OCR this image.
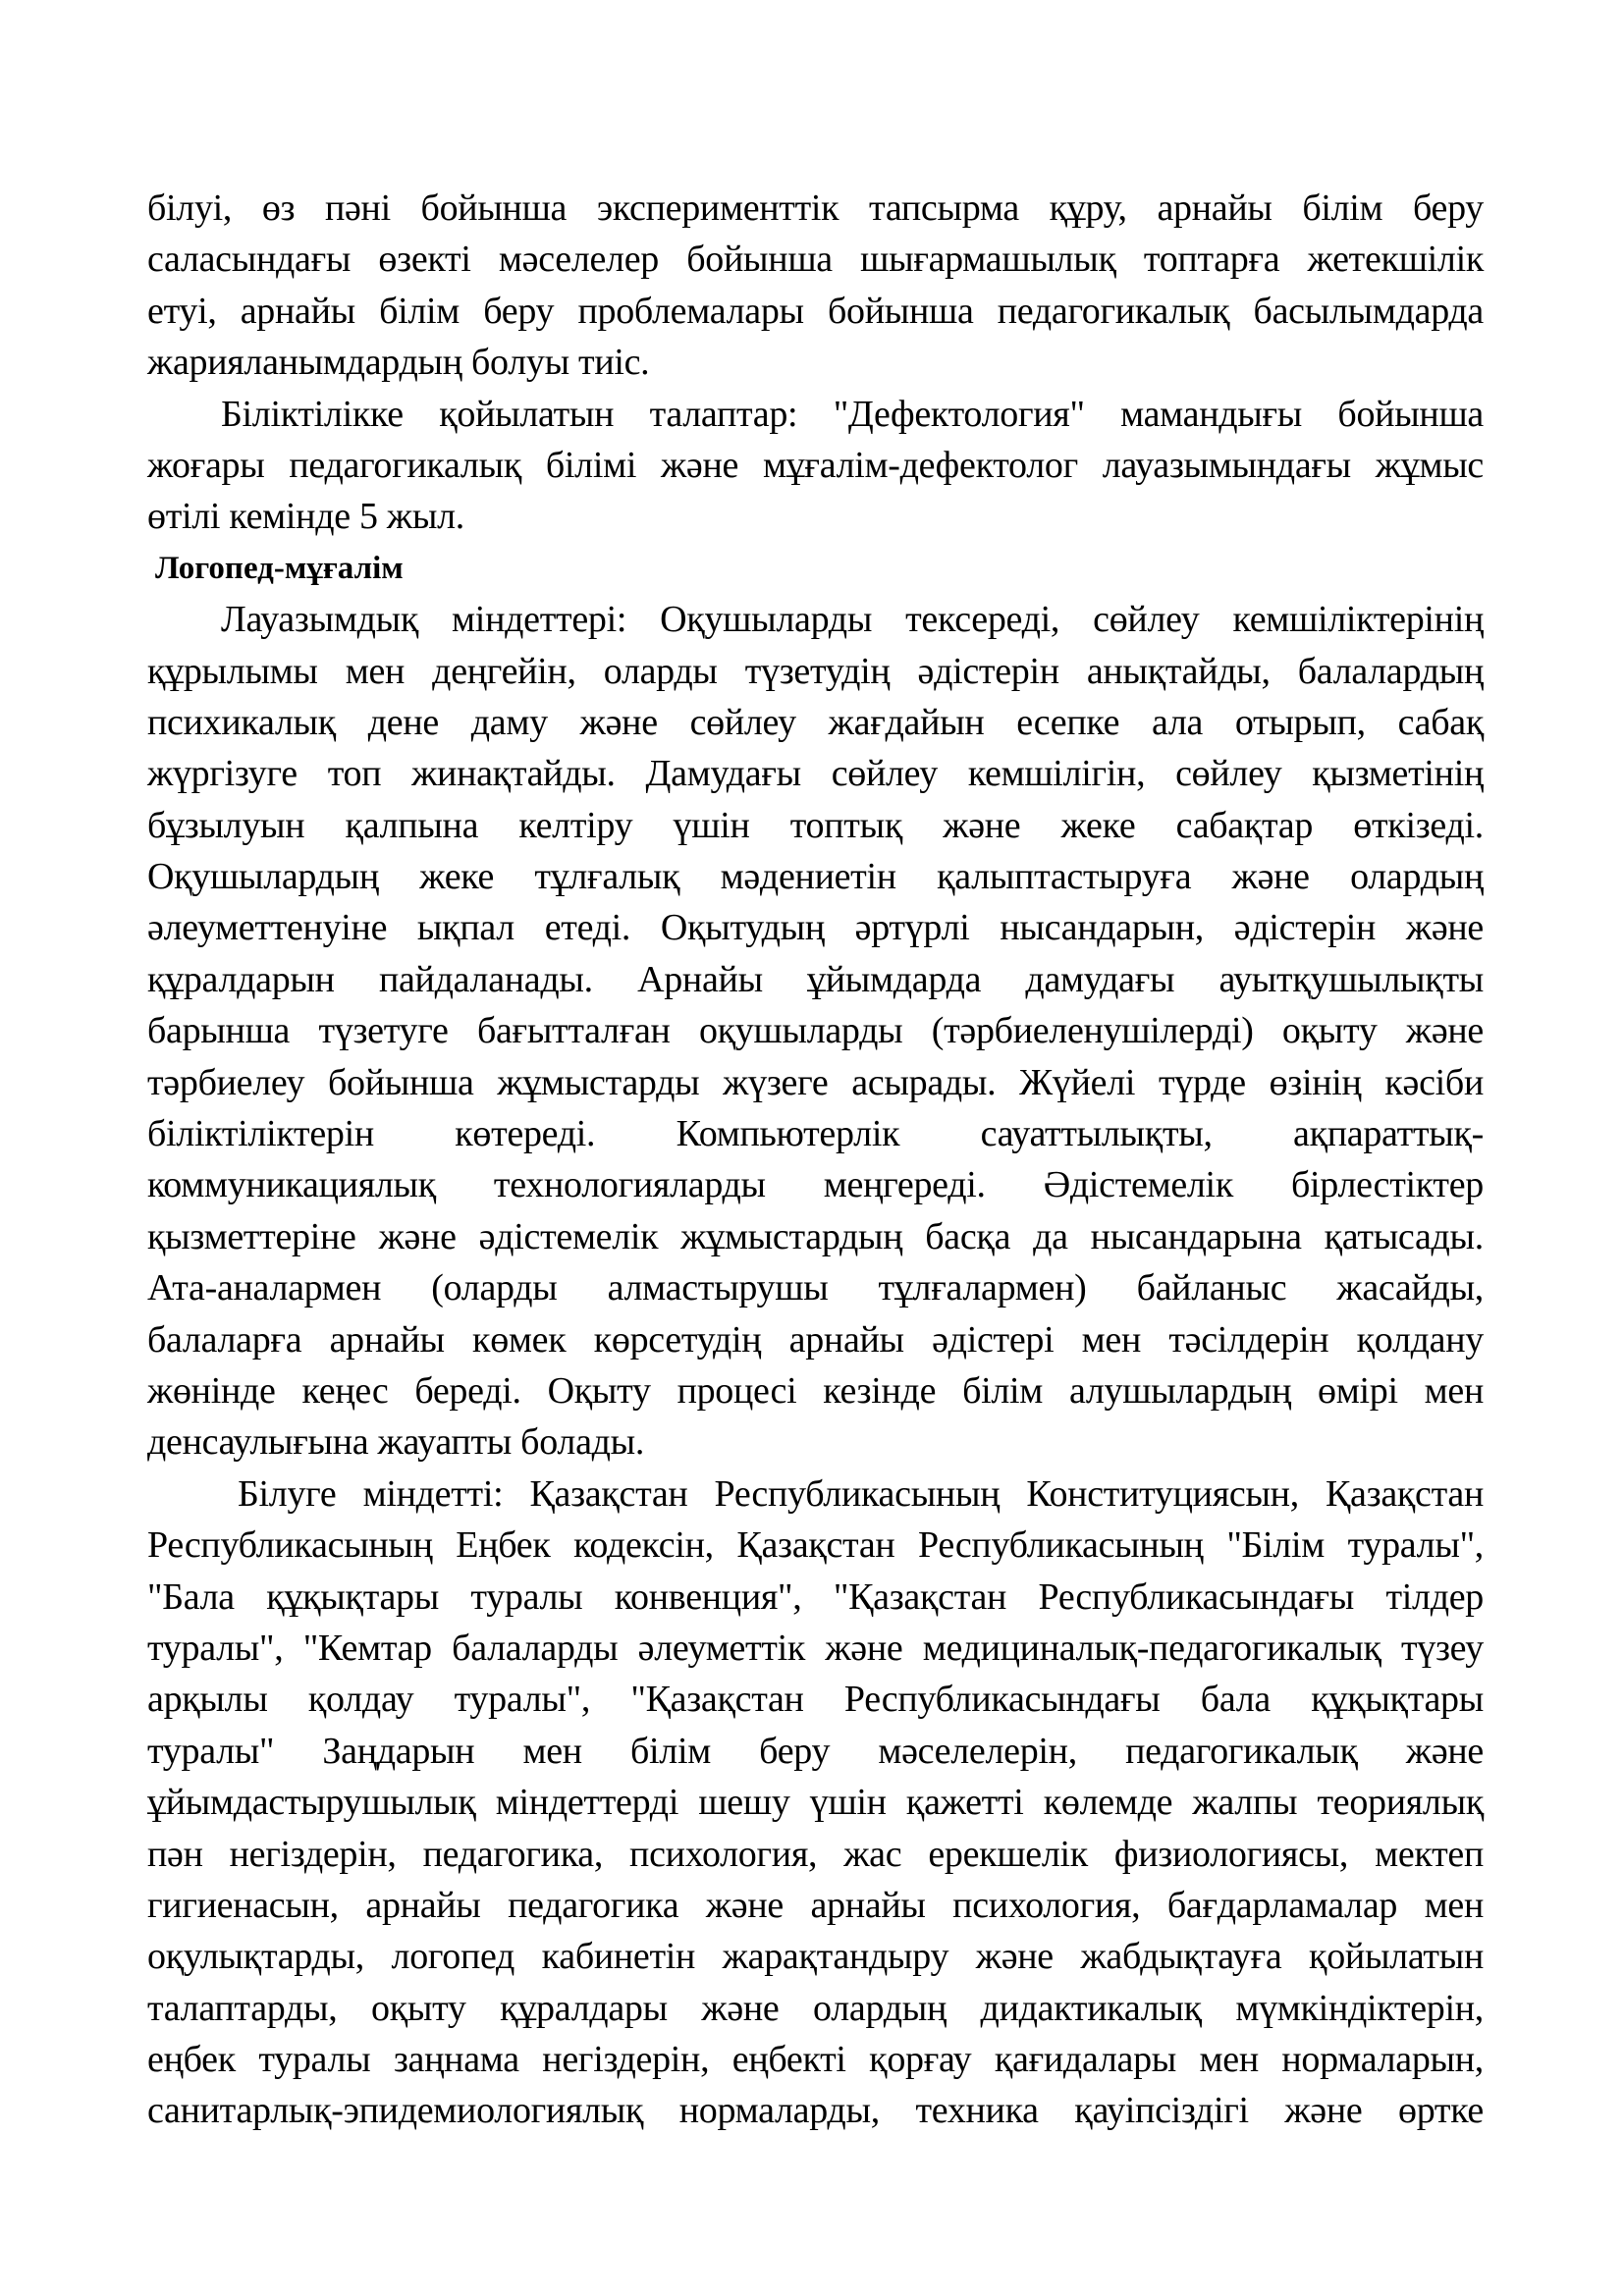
білуі, өз пәні бойынша эксперименттік тапсырма құру, арнайы білім беру
саласындағы өзекті мәселелер бойынша шығармашылық топтарға жетекшілік
етуі, арнайы білім беру проблемалары бойынша педагогикалық басылымдарда
жарияланымдардың болуы тиіс.
Біліктілікке қойылатын талаптар: "Дефектология" мамандығы бойынша
жоғары педагогикалық білімі және мұғалім-дефектолог лауазымындағы жұмыс
өтілі кемінде 5 жыл.
Логопед-мұғалім
Лауазымдық міндеттері: Оқушыларды тексереді, сөйлеу кемшіліктерінің
құрылымы мен деңгейін, оларды түзетудің әдістерін анықтайды, балалардың
психикалық дене даму және сөйлеу жағдайын есепке ала отырып, сабақ
жүргізуге топ жинақтайды. Дамудағы сөйлеу кемшілігін, сөйлеу қызметінің
бұзылуын қалпына келтіру үшін топтық және жеке сабақтар өткізеді.
Оқушылардың жеке тұлғалық мәдениетін қалыптастыруға және олардың
әлеуметтенуіне ықпал етеді. Оқытудың әртүрлі нысандарын, әдістерін және
құралдарын пайдаланады. Арнайы ұйымдарда дамудағы ауытқушылықты
барынша түзетуге бағытталған оқушыларды (тәрбиеленушілерді) оқыту және
тәрбиелеу бойынша жұмыстарды жүзеге асырады. Жүйелі түрде өзінің кәсіби
біліктіліктерін көтереді. Компьютерлік сауаттылықты, ақпараттық-
коммуникациялық технологияларды меңгереді. Әдістемелік бірлестіктер
қызметтеріне және әдістемелік жұмыстардың басқа да нысандарына қатысады.
Ата-аналармен (оларды алмастырушы тұлғалармен) байланыс жасайды,
балаларға арнайы көмек көрсетудің арнайы әдістері мен тәсілдерін қолдану
жөнінде кеңес береді. Оқыту процесі кезінде білім алушылардың өмірі мен
денсаулығына жауапты болады.
Білуге міндетті: Қазақстан Республикасының Конституциясын, Қазақстан
Республикасының Еңбек кодексін, Қазақстан Республикасының "Білім туралы",
"Бала құқықтары туралы конвенция", "Қазақстан Республикасындағы тілдер
туралы", "Кемтар балаларды әлеуметтік және медициналық-педагогикалық түзеу
арқылы қолдау туралы", "Қазақстан Республикасындағы бала құқықтары
туралы" Заңдарын мен білім беру мәселелерін, педагогикалық және
ұйымдастырушылық міндеттерді шешу үшін қажетті көлемде жалпы теориялық
пән негіздерін, педагогика, психология, жас ерекшелік физиологиясы, мектеп
гигиенасын, арнайы педагогика және арнайы психология, бағдарламалар мен
оқулықтарды, логопед кабинетін жарақтандыру және жабдықтауға қойылатын
талаптарды, оқыту құралдары және олардың дидактикалық мүмкіндіктерін,
еңбек туралы заңнама негіздерін, еңбекті қорғау қағидалары мен нормаларын,
санитарлық-эпидемиологиялық нормаларды, техника қауіпсіздігі және өртке
